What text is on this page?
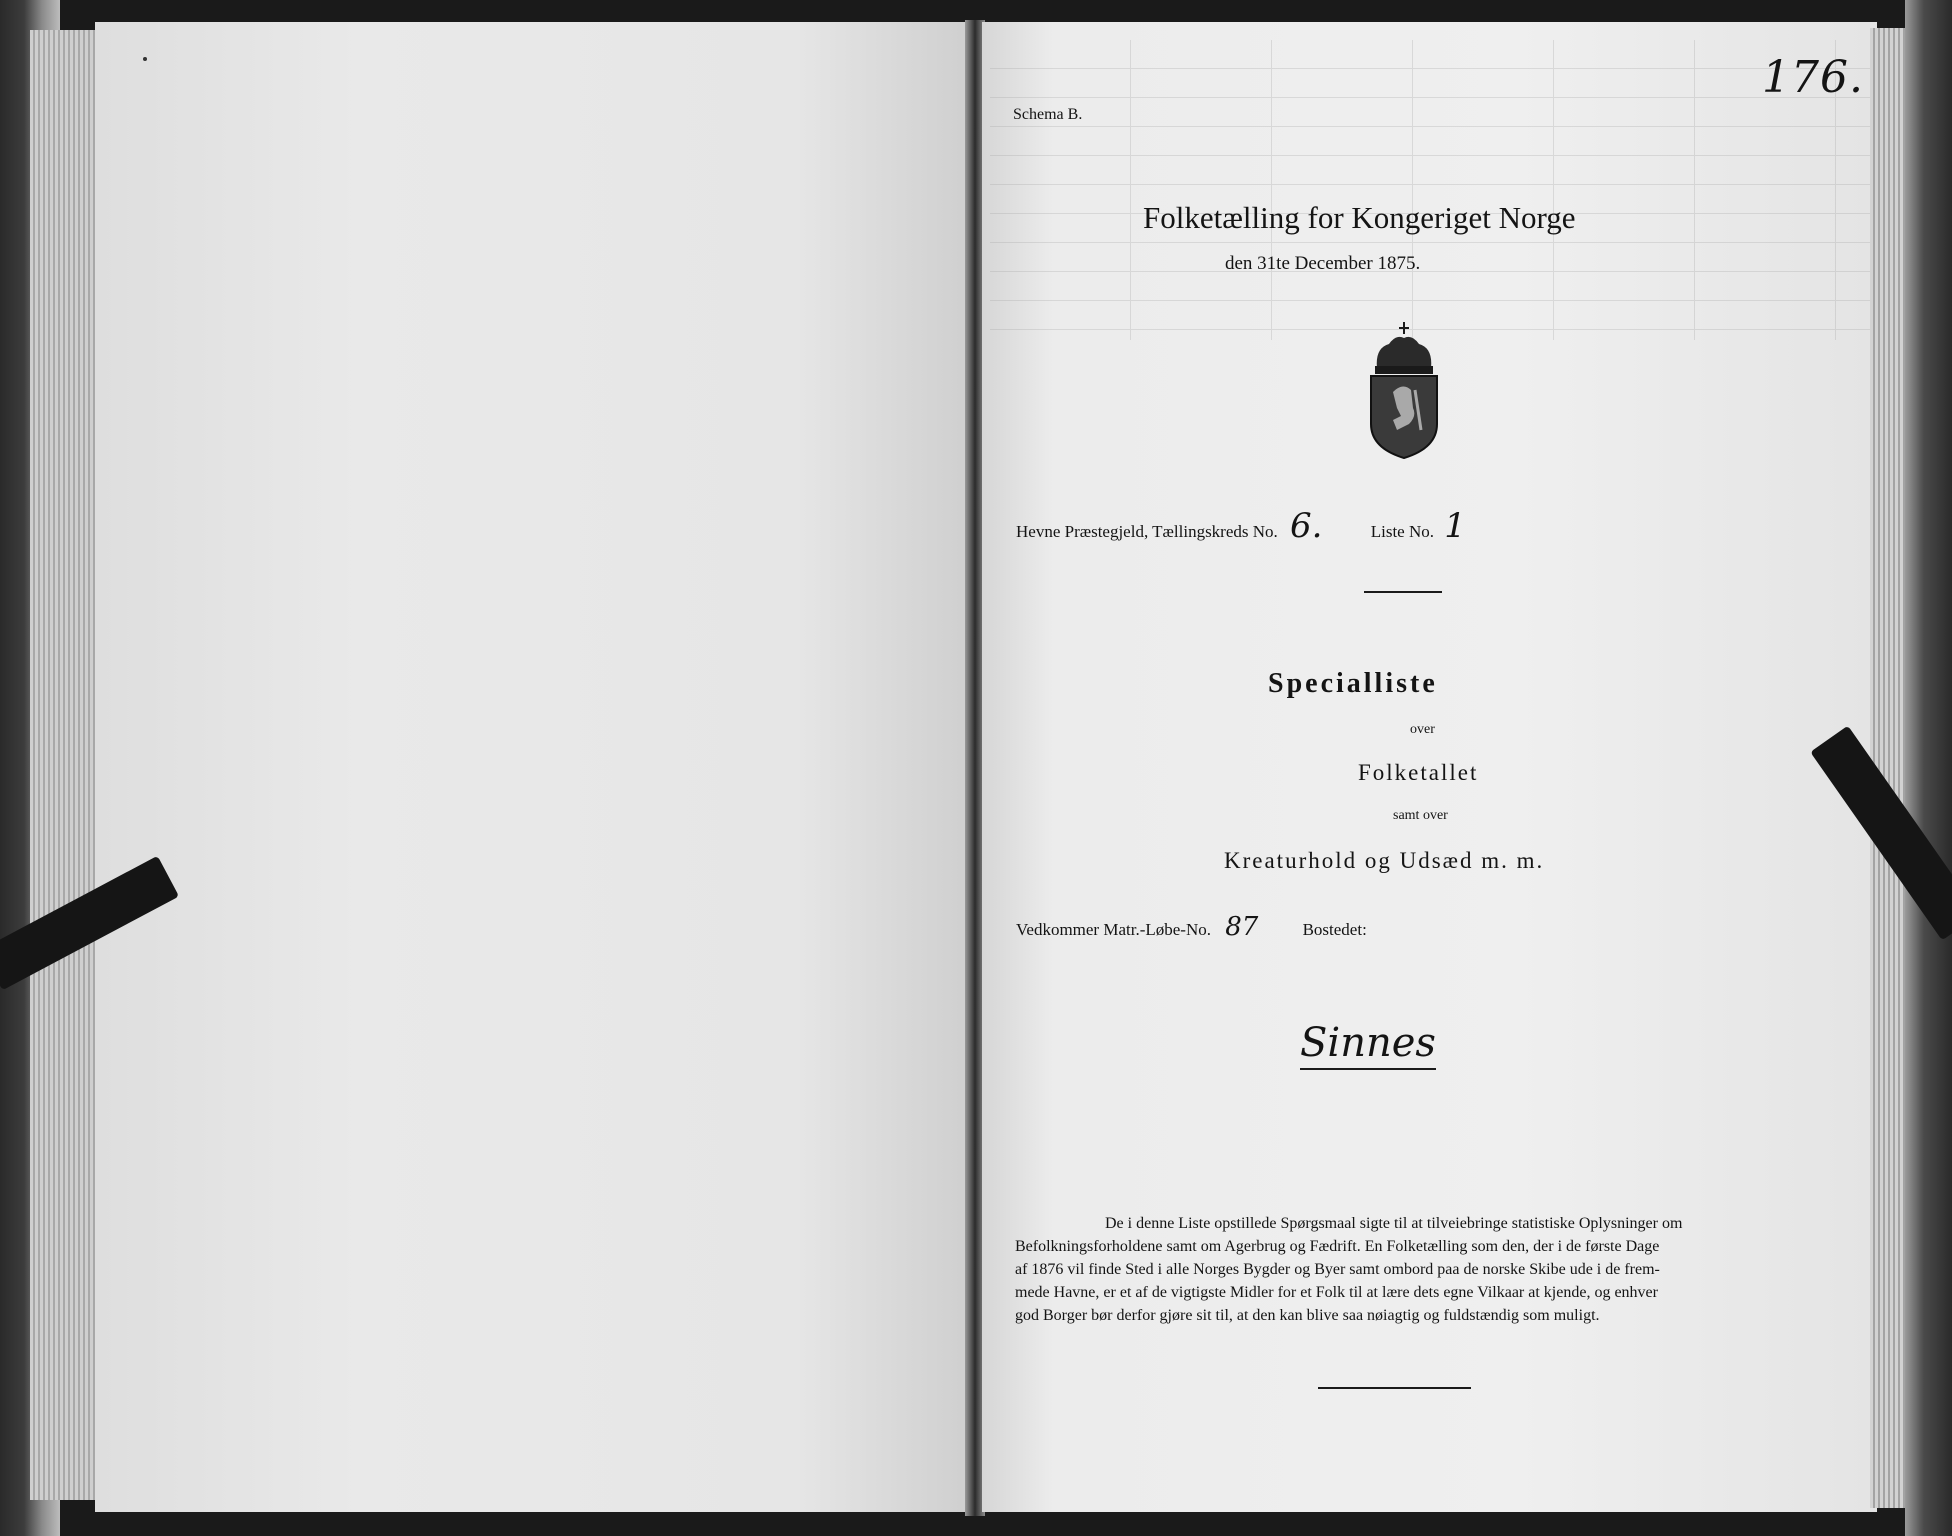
Schema B.
176.
Folketælling for Kongeriget Norge
den 31te December 1875.
Hevne Præstegjeld, Tællingskreds No. 6.	Liste No. 1
Specialliste
over
Folketallet
samt over
Kreaturhold og Udsæd m. m.
Vedkommer Matr.-Løbe-No. 87	Bostedet:
Sinnes
De i denne Liste opstillede Spørgsmaal sigte til at tilveiebringe statistiske Oplysninger om
Befolkningsforholdene samt om Agerbrug og Fædrift. En Folketælling som den, der i de første Dage
af 1876 vil finde Sted i alle Norges Bygder og Byer samt ombord paa de norske Skibe ude i de frem-
mede Havne, er et af de vigtigste Midler for et Folk til at lære dets egne Vilkaar at kjende, og enhver
god Borger bør derfor gjøre sit til, at den kan blive saa nøiagtig og fuldstændig som muligt.
